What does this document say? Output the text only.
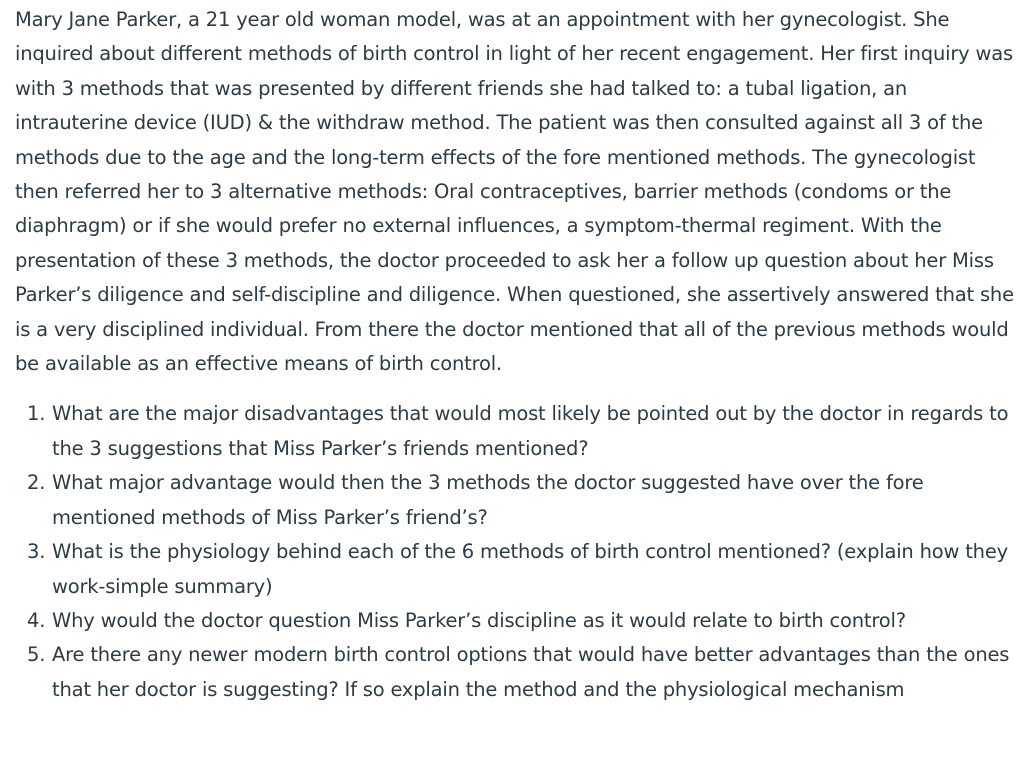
Mary Jane Parker, a 21 year old woman model, was at an appointment with her gynecologist. She inquired about different methods of birth control in light of her recent engagement. Her first inquiry was with 3 methods that was presented by different friends she had talked to: a tubal ligation, an intrauterine device (IUD) & the withdraw method. The patient was then consulted against all 3 of the methods due to the age and the long-term effects of the fore mentioned methods. The gynecologist then referred her to 3 alternative methods: Oral contraceptives, barrier methods (condoms or the diaphragm) or if she would prefer no external influences, a symptom-thermal regiment. With the presentation of these 3 methods, the doctor proceeded to ask her a follow up question about her Miss Parker’s diligence and self-discipline and diligence. When questioned, she assertively answered that she is a very disciplined individual. From there the doctor mentioned that all of the previous methods would be available as an effective means of birth control.

1. What are the major disadvantages that would most likely be pointed out by the doctor in regards to the 3 suggestions that Miss Parker’s friends mentioned?
2. What major advantage would then the 3 methods the doctor suggested have over the fore mentioned methods of Miss Parker’s friend’s?
3. What is the physiology behind each of the 6 methods of birth control mentioned? (explain how they work-simple summary)
4. Why would the doctor question Miss Parker’s discipline as it would relate to birth control?
5. Are there any newer modern birth control options that would have better advantages than the ones that her doctor is suggesting? If so explain the method and the physiological mechanism
